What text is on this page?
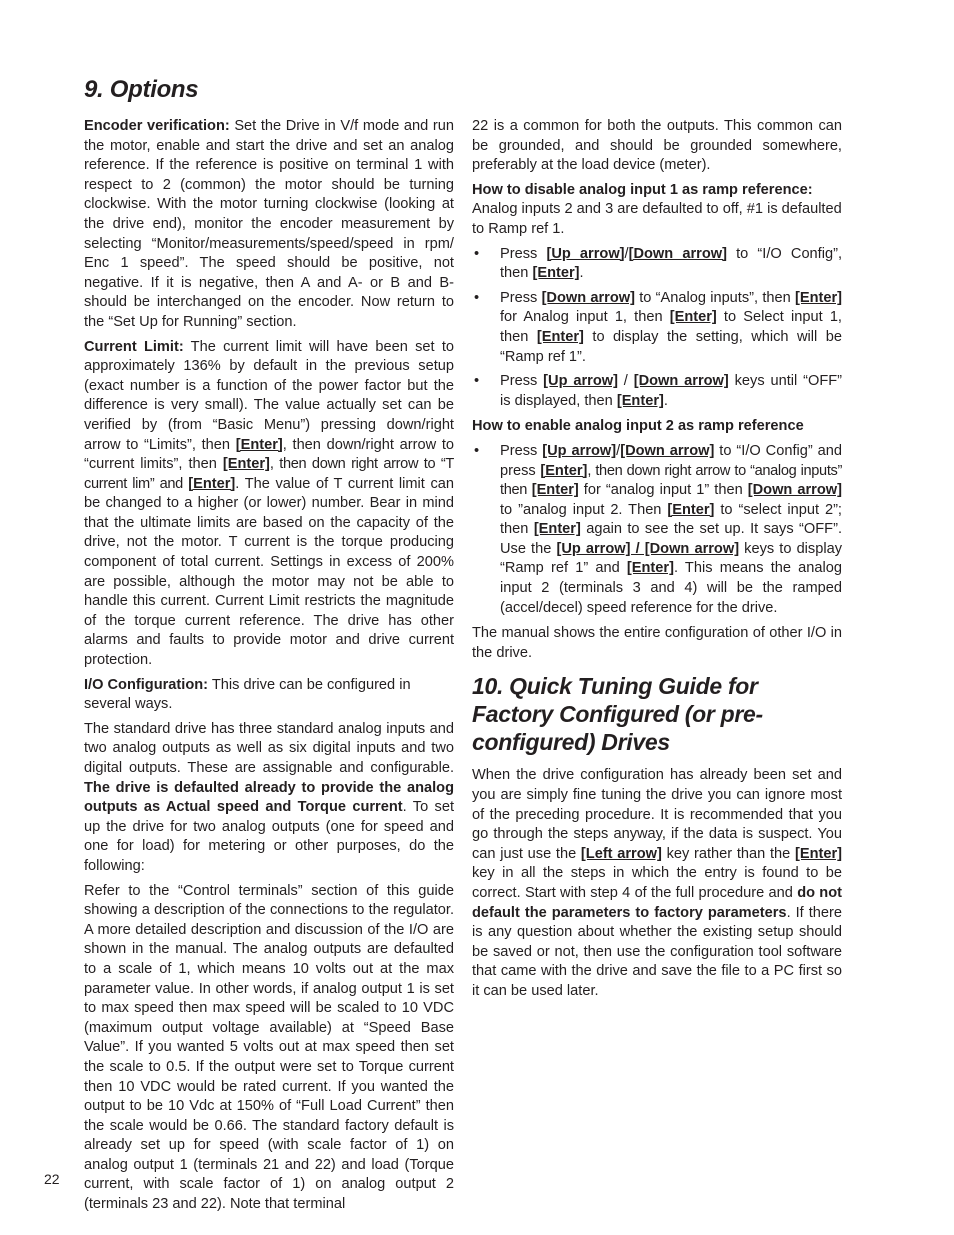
9. Options

Encoder verification: Set the Drive in V/f mode and run the motor, enable and start the drive and set an analog reference. If the reference is positive on terminal 1 with respect to 2 (common) the motor should be turning clockwise. With the motor turning clockwise (looking at the drive end), monitor the encoder measurement by selecting “Monitor/measurements/speed/speed in rpm/ Enc 1 speed”. The speed should be positive, not negative. If it is negative, then A and A- or B and B- should be interchanged on the encoder. Now return to the “Set Up for Running” section.

Current Limit: The current limit will have been set to approximately 136% by default in the previous setup (exact number is a function of the power factor but the difference is very small). The value actually set can be verified by (from “Basic Menu”) pressing down/right arrow to “Limits”, then [Enter], then down/right arrow to “current limits”, then [Enter], then down right arrow to “T current lim” and [Enter]. The value of T current limit can be changed to a higher (or lower) number. Bear in mind that the ultimate limits are based on the capacity of the drive, not the motor. T current is the torque producing component of total current. Settings in excess of 200% are possible, although the motor may not be able to handle this current. Current Limit restricts the magnitude of the torque current reference. The drive has other alarms and faults to provide motor and drive current protection.

I/O Configuration: This drive can be configured in several ways.

The standard drive has three standard analog inputs and two analog outputs as well as six digital inputs and two digital outputs. These are assignable and configurable. The drive is defaulted already to provide the analog outputs as Actual speed and Torque current. To set up the drive for two analog outputs (one for speed and one for load) for metering or other purposes, do the following:

Refer to the “Control terminals” section of this guide showing a description of the connections to the regulator. A more detailed description and discussion of the I/O are shown in the manual. The analog outputs are defaulted to a scale of 1, which means 10 volts out at the max parameter value. In other words, if analog output 1 is set to max speed then max speed will be scaled to 10 VDC (maximum output voltage available) at “Speed Base Value”. If you wanted 5 volts out at max speed then set the scale to 0.5. If the output were set to Torque current then 10 VDC would be rated current. If you wanted the output to be 10 Vdc at 150% of “Full Load Current” then the scale would be 0.66. The standard factory default is already set up for speed (with scale factor of 1) on analog output 1 (terminals 21 and 22) and load (Torque current, with scale factor of 1) on analog output 2 (terminals 23 and 22). Note that terminal

22 is a common for both the outputs. This common can be grounded, and should be grounded somewhere, preferably at the load device (meter).

How to disable analog input 1 as ramp reference: Analog inputs 2 and 3 are defaulted to off, #1 is defaulted to Ramp ref 1.

• Press [Up arrow]/[Down arrow] to “I/O Config”, then [Enter].
• Press [Down arrow] to “Analog inputs”, then [Enter] for Analog input 1, then [Enter] to Select input 1, then [Enter] to display the setting, which will be “Ramp ref 1”.
• Press [Up arrow] / [Down arrow] keys until “OFF” is displayed, then [Enter].

How to enable analog input 2 as ramp reference

• Press [Up arrow]/[Down arrow] to “I/O Config” and press [Enter], then down right arrow to “analog inputs” then [Enter] for “analog input 1” then [Down arrow] to ”analog input 2. Then [Enter] to “select input 2”; then [Enter] again to see the set up. It says “OFF”. Use the [Up arrow] / [Down arrow] keys to display “Ramp ref 1” and [Enter]. This means the analog input 2 (terminals 3 and 4) will be the ramped (accel/decel) speed reference for the drive.

The manual shows the entire configuration of other I/O in the drive.

10. Quick Tuning Guide for Factory Configured (or pre-configured) Drives

When the drive configuration has already been set and you are simply fine tuning the drive you can ignore most of the preceding procedure. It is recommended that you go through the steps anyway, if the data is suspect. You can just use the [Left arrow] key rather than the [Enter] key in all the steps in which the entry is found to be correct. Start with step 4 of the full procedure and do not default the parameters to factory parameters. If there is any question about whether the existing setup should be saved or not, then use the configuration tool software that came with the drive and save the file to a PC first so it can be used later.

22
